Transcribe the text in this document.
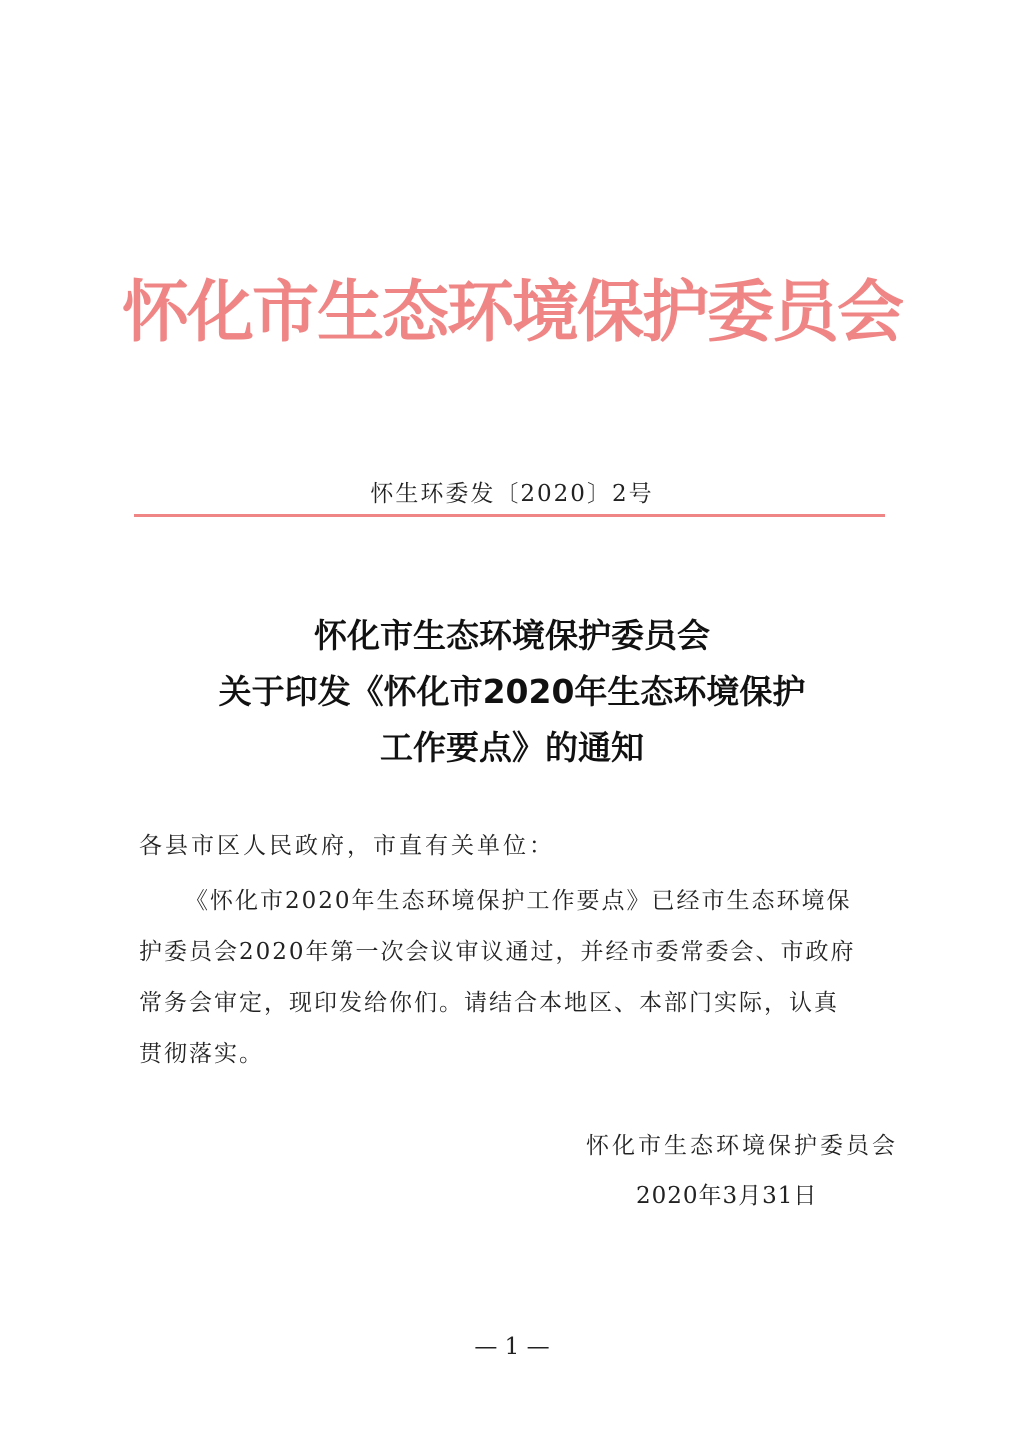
怀化市生态环境保护委员会
怀生环委发〔2020〕2号
怀化市生态环境保护委员会
关于印发《怀化市2020年生态环境保护
工作要点》的通知
各县市区人民政府，市直有关单位：
《怀化市2020年生态环境保护工作要点》已经市生态环境保
护委员会2020年第一次会议审议通过，并经市委常委会、市政府
常务会审定，现印发给你们。请结合本地区、本部门实际，认真
贯彻落实。
怀化市生态环境保护委员会
2020年3月31日
— 1 —
